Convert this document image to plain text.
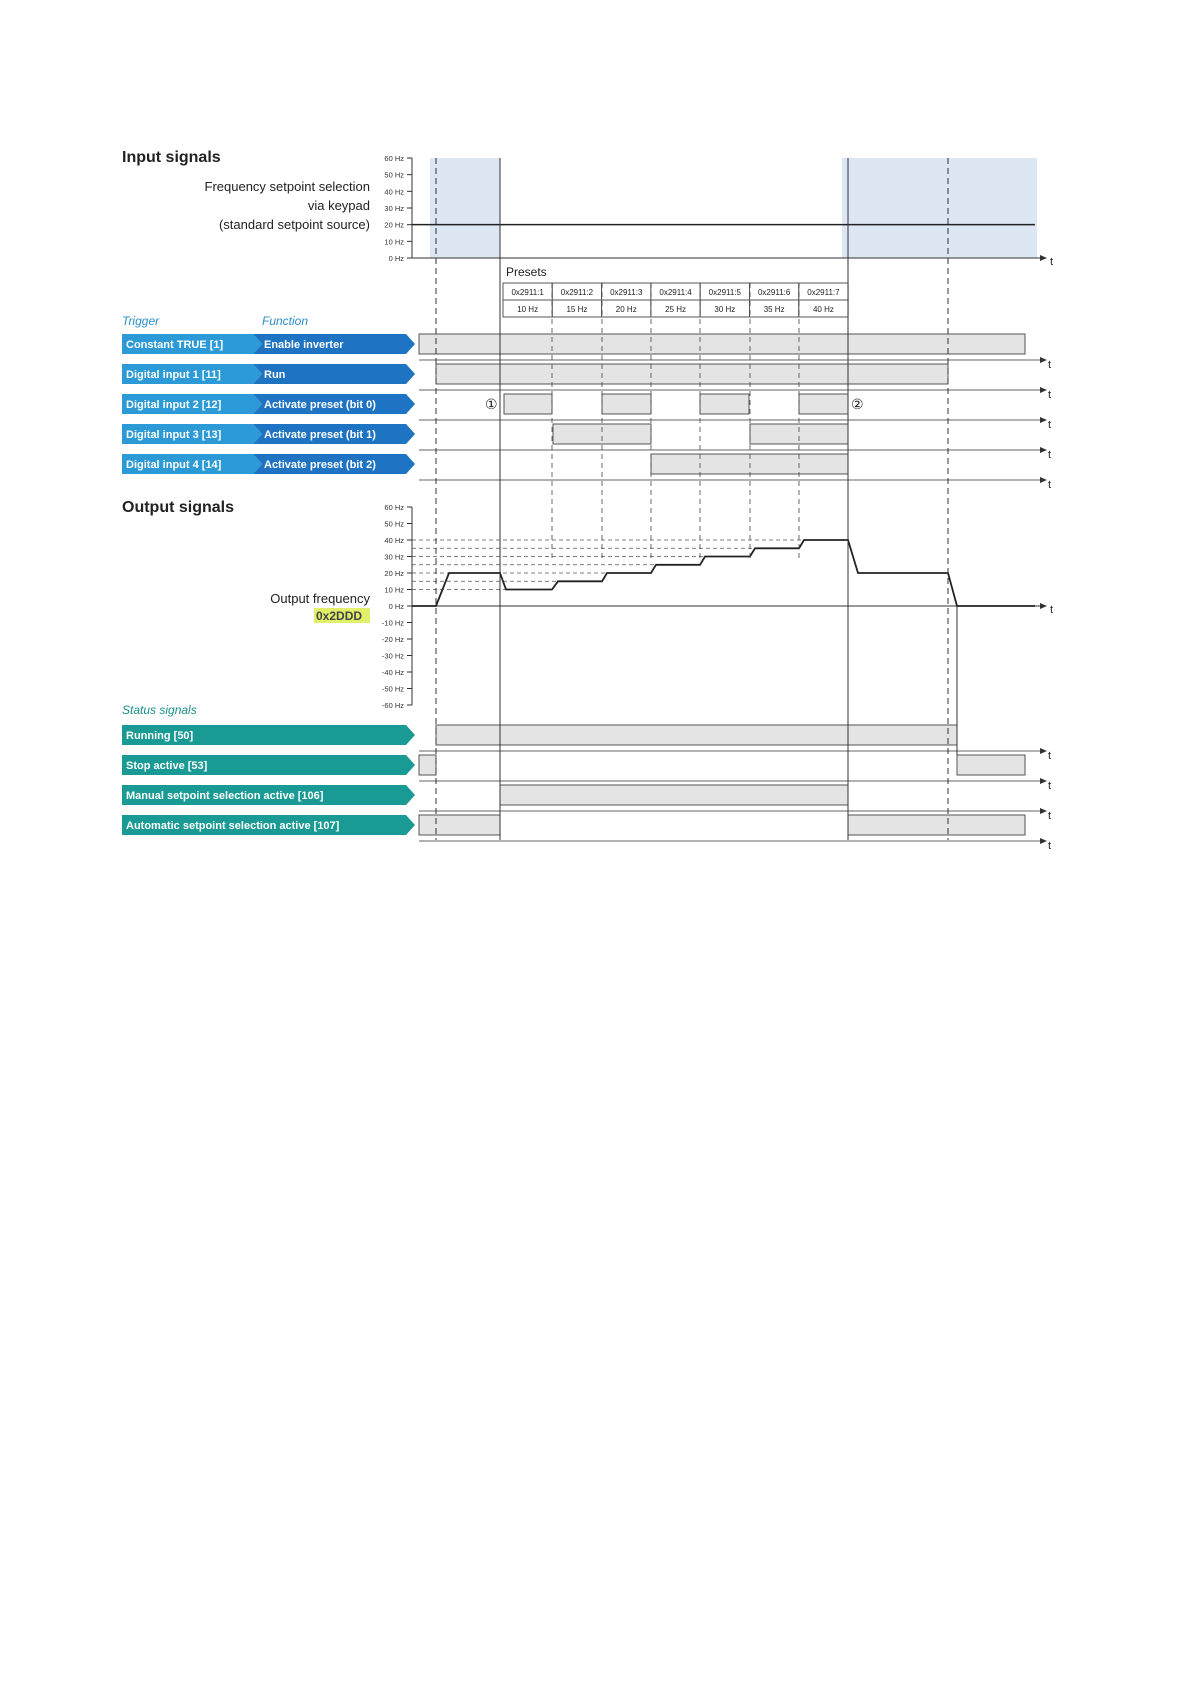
Input signals
Frequency setpoint selection
via keypad
(standard setpoint source)
60 Hz
50 Hz
40 Hz
30 Hz
20 Hz
10 Hz
0 Hz	t
Presets
0x2911:1
10 Hz
0x2911:2
15 Hz
0x2911:3
20 Hz
0x2911:4
25 Hz
0x2911:5
30 Hz
0x2911:6
35 Hz
0x2911:7
40 Hz
Trigger	Function
Constant TRUE [1]	Enable inverter
Digital input 1 [11]	Run
Digital input 2 [12]	Activate preset (bit 0)
Digital input 3 [13]	Activate preset (bit 1)
Digital input 4 [14]	Activate preset (bit 2)
①	②
Output signals
Output frequency
0x2DDD
60 Hz
50 Hz
40 Hz
30 Hz
20 Hz
10 Hz
0 Hz
-10 Hz
-20 Hz
-30 Hz
-40 Hz
-50 Hz
-60 Hz
t
Status signals
Running [50]
Stop active [53]
Manual setpoint selection active [106]
Automatic setpoint selection active [107]
t
t
t
t
t
t
t
t
t
